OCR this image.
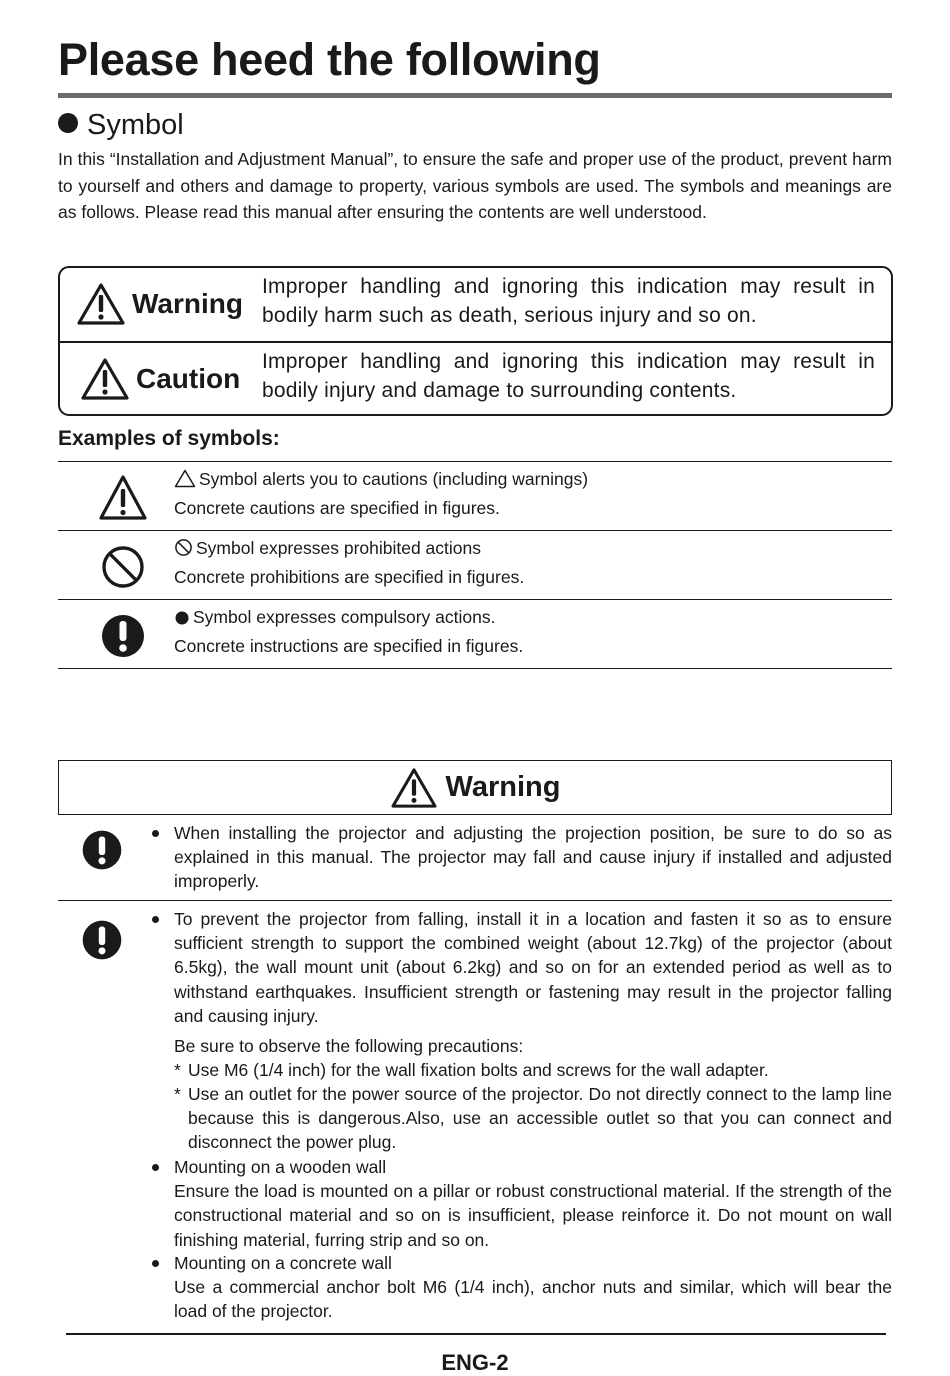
Please heed the following
Symbol
In this “Installation and Adjustment Manual”, to ensure the safe and proper use of the product, prevent harm to yourself and others and damage to property, various symbols are used. The symbols and meanings are as follows. Please read this manual after ensuring the contents are well understood.
Warning
Improper handling and ignoring this indication may result in bodily harm such as death, serious injury and so on.
Caution
Improper handling and ignoring this indication may result in bodily injury and damage to surrounding contents.
Examples of symbols:
Symbol alerts you to cautions (including warnings)
Concrete cautions are specified in figures.
Symbol expresses prohibited actions
Concrete prohibitions are specified in figures.
Symbol expresses compulsory actions.
Concrete instructions are specified in figures.
Warning
When installing the projector and adjusting the projection position, be sure to do so as explained in this manual. The projector may fall and cause injury if installed and adjusted improperly.
To prevent the projector from falling, install it in a location and fasten it so as to ensure sufficient strength to support the combined weight (about 12.7kg) of the projector (about 6.5kg), the wall mount unit (about 6.2kg) and so on for an extended period as well as to withstand earthquakes. Insufficient strength or fastening may result in the projector falling and causing injury.
Be sure to observe the following precautions:
* Use M6 (1/4 inch) for the wall fixation bolts and screws for the wall adapter.
* Use an outlet for the power source of the projector. Do not directly connect to the lamp line because this is dangerous.Also, use an accessible outlet so that you can connect and disconnect the power plug.
Mounting on a wooden wall
Ensure the load is mounted on a pillar or robust constructional material. If the strength of the constructional material and so on is insufficient, please reinforce it. Do not mount on wall finishing material, furring strip and so on.
Mounting on a concrete wall
Use a commercial anchor bolt M6 (1/4 inch), anchor nuts and similar, which will bear the load of the projector.
ENG-2
